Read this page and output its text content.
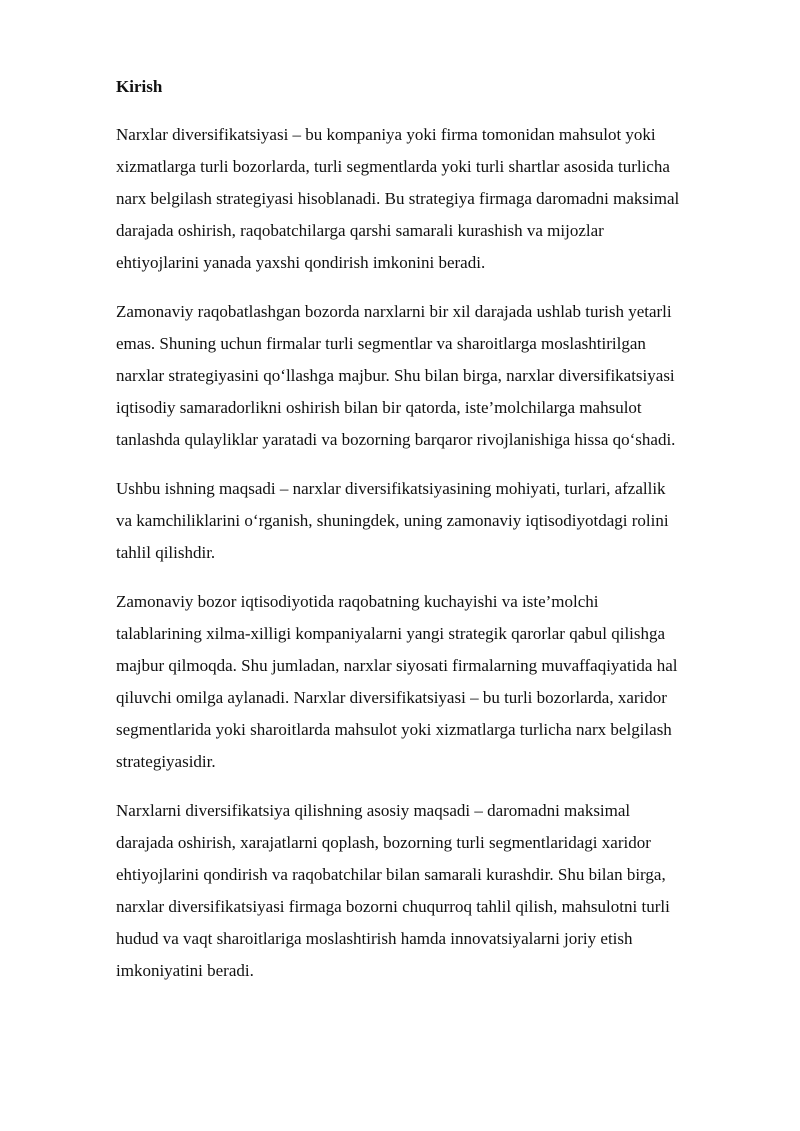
Kirish
Narxlar diversifikatsiyasi – bu kompaniya yoki firma tomonidan mahsulot yoki
xizmatlarga turli bozorlarda, turli segmentlarda yoki turli shartlar asosida turlicha
narx belgilash strategiyasi hisoblanadi. Bu strategiya firmaga daromadni maksimal
darajada oshirish, raqobatchilarga qarshi samarali kurashish va mijozlar
ehtiyojlarini yanada yaxshi qondirish imkonini beradi.
Zamonaviy raqobatlashgan bozorda narxlarni bir xil darajada ushlab turish yetarli
emas. Shuning uchun firmalar turli segmentlar va sharoitlarga moslashtirilgan
narxlar strategiyasini qo‘llashga majbur. Shu bilan birga, narxlar diversifikatsiyasi
iqtisodiy samaradorlikni oshirish bilan bir qatorda, iste’molchilarga mahsulot
tanlashda qulayliklar yaratadi va bozorning barqaror rivojlanishiga hissa qo‘shadi.
Ushbu ishning maqsadi – narxlar diversifikatsiyasining mohiyati, turlari, afzallik
va kamchiliklarini o‘rganish, shuningdek, uning zamonaviy iqtisodiyotdagi rolini
tahlil qilishdir.
Zamonaviy bozor iqtisodiyotida raqobatning kuchayishi va iste’molchi
talablarining xilma-xilligi kompaniyalarni yangi strategik qarorlar qabul qilishga
majbur qilmoqda. Shu jumladan, narxlar siyosati firmalarning muvaffaqiyatida hal
qiluvchi omilga aylanadi. Narxlar diversifikatsiyasi – bu turli bozorlarda, xaridor
segmentlarida yoki sharoitlarda mahsulot yoki xizmatlarga turlicha narx belgilash
strategiyasidir.
Narxlarni diversifikatsiya qilishning asosiy maqsadi – daromadni maksimal
darajada oshirish, xarajatlarni qoplash, bozorning turli segmentlaridagi xaridor
ehtiyojlarini qondirish va raqobatchilar bilan samarali kurashdir. Shu bilan birga,
narxlar diversifikatsiyasi firmaga bozorni chuqurroq tahlil qilish, mahsulotni turli
hudud va vaqt sharoitlariga moslashtirish hamda innovatsiyalarni joriy etish
imkoniyatini beradi.
